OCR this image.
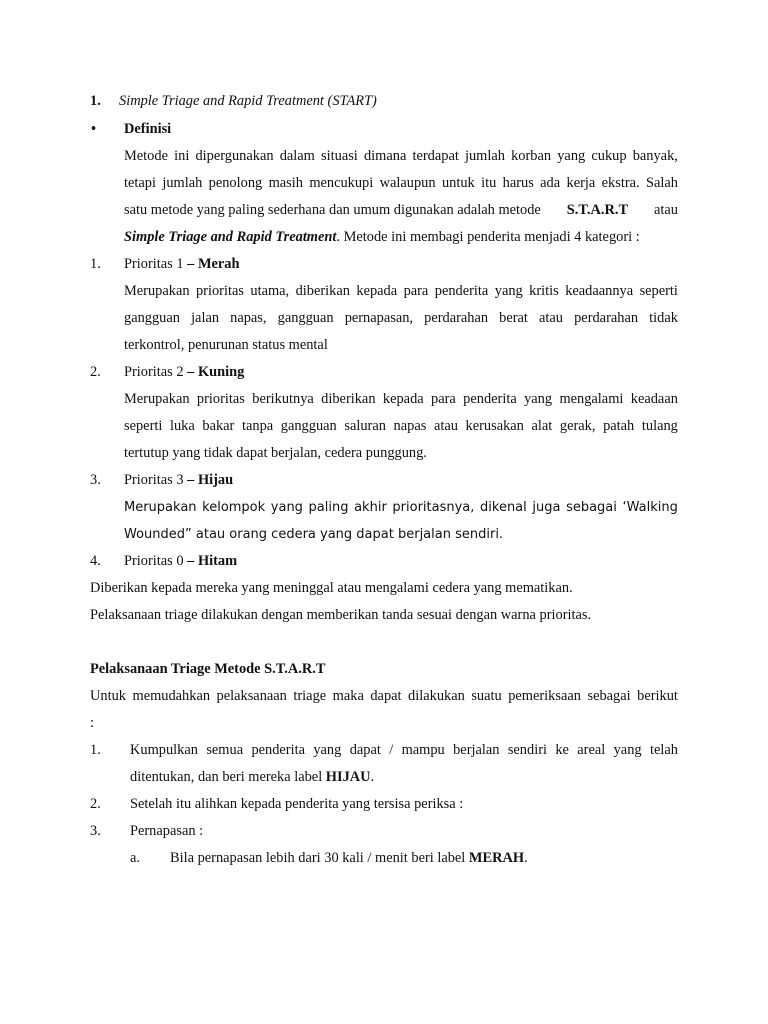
1. Simple Triage and Rapid Treatment (START)
• Definisi
Metode ini dipergunakan dalam situasi dimana terdapat jumlah korban yang cukup banyak,
tetapi jumlah penolong masih mencukupi walaupun untuk itu harus ada kerja ekstra. Salah
satu metode yang paling sederhana dan umum digunakan adalah metode S.T.A.R.T atau
Simple Triage and Rapid Treatment. Metode ini membagi penderita menjadi 4 kategori :
1. Prioritas 1 – Merah
Merupakan prioritas utama, diberikan kepada para penderita yang kritis keadaannya seperti
gangguan jalan napas, gangguan pernapasan, perdarahan berat atau perdarahan tidak
terkontrol, penurunan status mental
2. Prioritas 2 – Kuning
Merupakan prioritas berikutnya diberikan kepada para penderita yang mengalami keadaan
seperti luka bakar tanpa gangguan saluran napas atau kerusakan alat gerak, patah tulang
tertutup yang tidak dapat berjalan, cedera punggung.
3. Prioritas 3 – Hijau
Merupakan kelompok yang paling akhir prioritasnya, dikenal juga sebagai ‘Walking
Wounded” atau orang cedera yang dapat berjalan sendiri.
4. Prioritas 0 – Hitam
Diberikan kepada mereka yang meninggal atau mengalami cedera yang mematikan.
Pelaksanaan triage dilakukan dengan memberikan tanda sesuai dengan warna prioritas.
Pelaksanaan Triage Metode S.T.A.R.T
Untuk memudahkan pelaksanaan triage maka dapat dilakukan suatu pemeriksaan sebagai berikut
:
1. Kumpulkan semua penderita yang dapat / mampu berjalan sendiri ke areal yang telah
ditentukan, dan beri mereka label HIJAU.
2. Setelah itu alihkan kepada penderita yang tersisa periksa :
3. Pernapasan :
a. Bila pernapasan lebih dari 30 kali / menit beri label MERAH.
